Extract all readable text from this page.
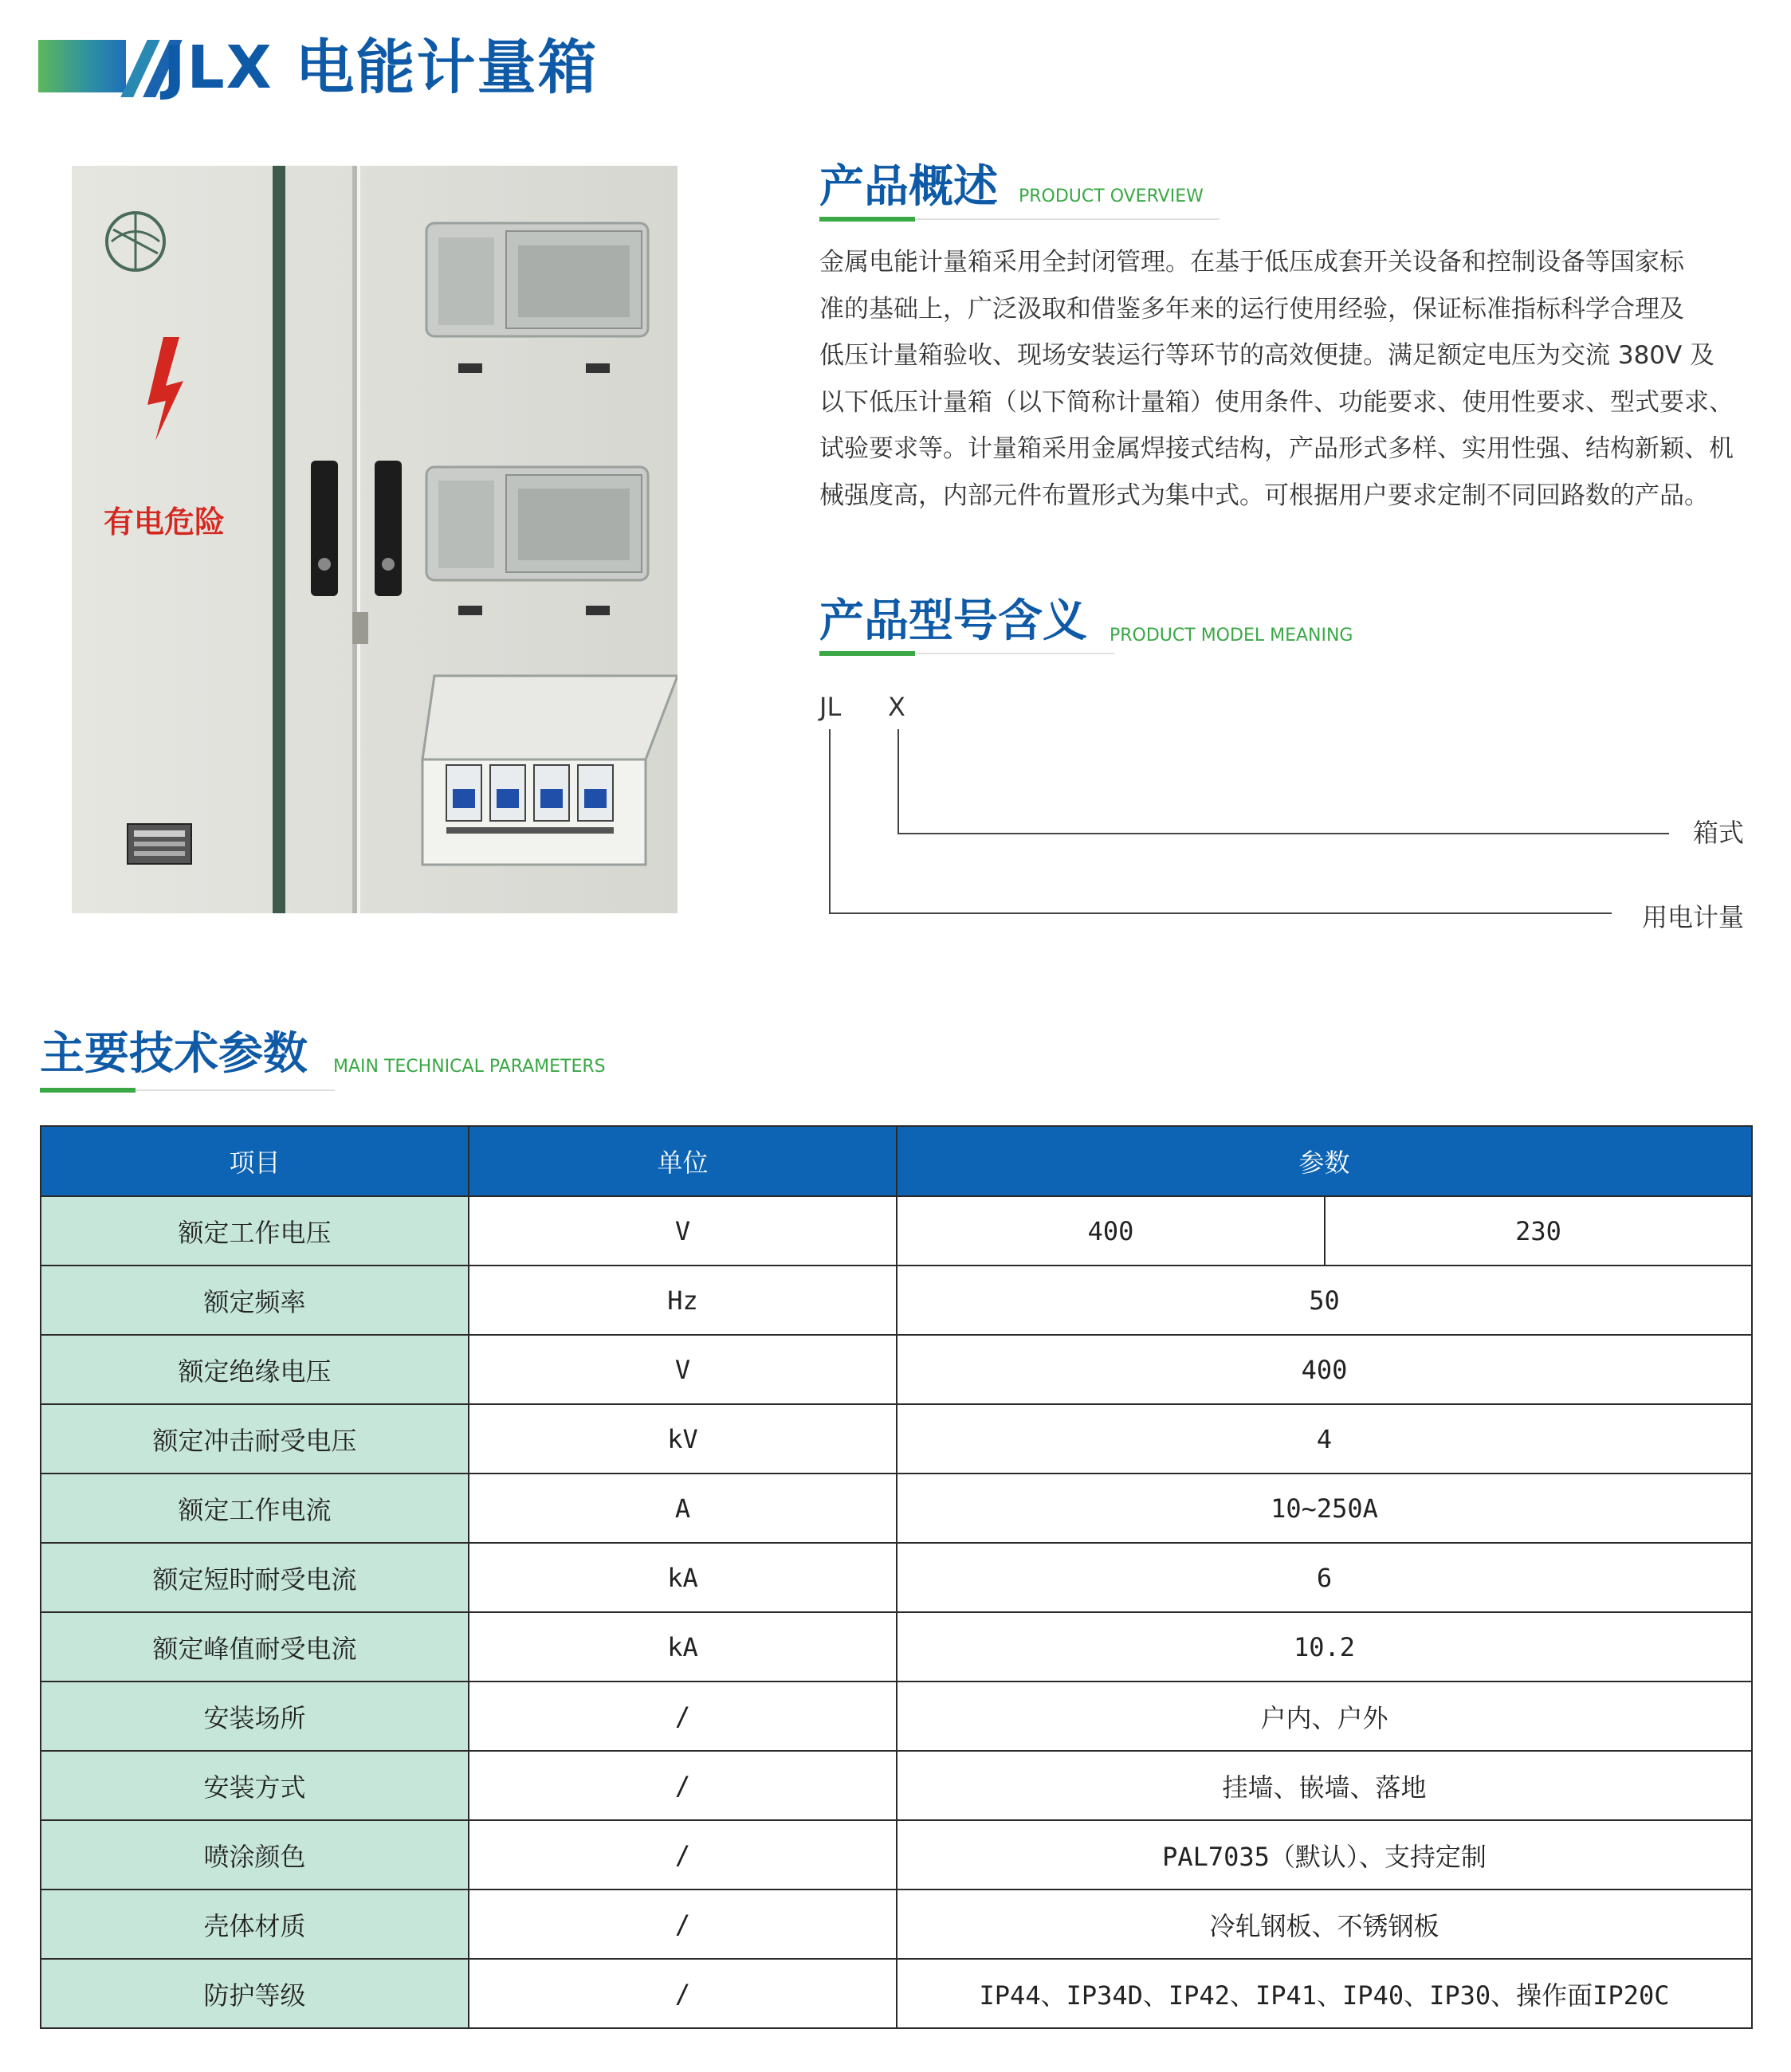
JLX 电能计量箱
有电危险
产品概述 PRODUCT OVERVIEW
金属电能计量箱采用全封闭管理。在基于低压成套开关设备和控制设备等国家标
准的基础上，广泛汲取和借鉴多年来的运行使用经验，保证标准指标科学合理及
低压计量箱验收、现场安装运行等环节的高效便捷。满足额定电压为交流 380V 及
以下低压计量箱（以下简称计量箱）使用条件、功能要求、使用性要求、型式要求、
试验要求等。计量箱采用金属焊接式结构，产品形式多样、实用性强、结构新颖、机
械强度高，内部元件布置形式为集中式。可根据用户要求定制不同回路数的产品。
产品型号含义 PRODUCT MODEL MEANING
JL X
箱式
用电计量
主要技术参数 MAIN TECHNICAL PARAMETERS
项目	单位	参数	
额定工作电压	V	400	230
额定频率	Hz	50	
额定绝缘电压	V	400	
额定冲击耐受电压	kV	4	
额定工作电流	A	10~250A	
额定短时耐受电流	kA	6	
额定峰值耐受电流	kA	10.2	
安装场所	/	户内、户外	
安装方式	/	挂墙、嵌墙、落地	
喷涂颜色	/	PAL7035（默认）、支持定制	
壳体材质	/	冷轧钢板、不锈钢板	
防护等级	/	IP44、IP34D、IP42、IP41、IP40、IP30、操作面IP20C	
